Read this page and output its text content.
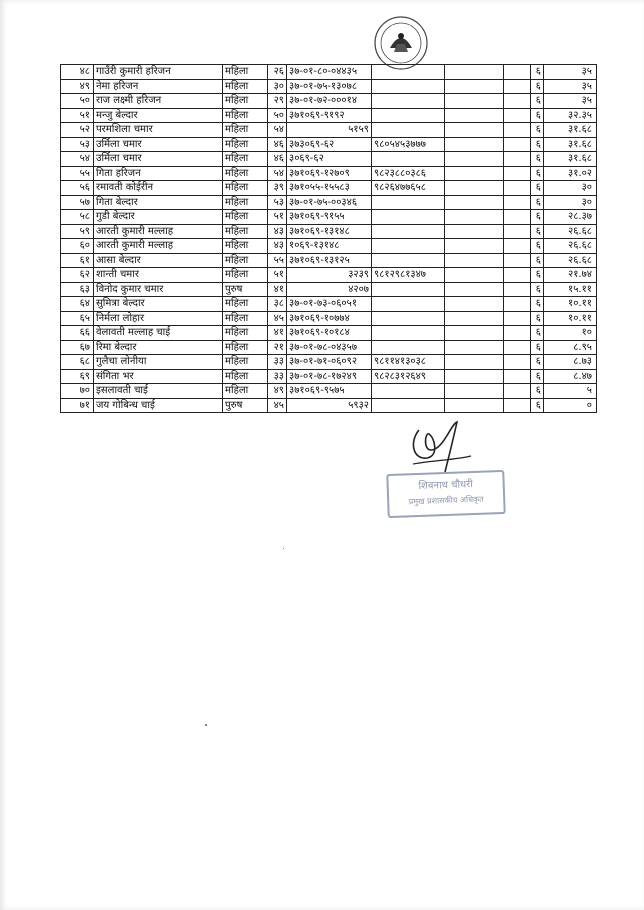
४८	गाउँरी कुमारी हरिजन	महिला	२६	३७-०१-८०-०४४३५				६	३५
४९	नेमा हरिजन	महिला	३०	३७-०१-७५-१३०७८				६	३५
५०	राज लक्ष्मी हरिजन	महिला	२९	३७-०१-७२-०००१४				६	३५
५१	मन्जु बेल्दार	महिला	५०	३७१०६९-९१९२				६	३२.३५
५२	परमशिला चमार	महिला	५४	५१५९				६	३१.६८
५३	उर्मिला चमार	महिला	४६	३७३०६९-६२	९८०५४५३७७७			६	३१.६८
५४	उर्मिला चमार	महिला	४६	३०६९-६२				६	३१.६८
५५	गिता हरिजन	महिला	५४	३७१०६९-१२७०९	९८२३८८०३८६			६	३१.०२
५६	रमावती कोईरीन	महिला	३९	३७१०५५-१५५८३	९८२६४७७६५८			६	३०
५७	गिता बेल्दार	महिला	५३	३७-०१-७५-००३४६				६	३०
५८	गुडी बेल्दार	महिला	५१	३७१०६९-९१५५				६	२८.३७
५९	आरती कुमारी मल्लाह	महिला	४३	३७१०६९-१३१४८				६	२६.६८
६०	आरती कुमारी मल्लाह	महिला	४३	१०६९-१३१४८				६	२६.६८
६१	आसा बेल्दार	महिला	५५	३७१०६९-१३१२५				६	२६.६८
६२	शान्ती चमार	महिला	५१	३२३९	९८१२९८१३४७			६	२१.७४
६३	विनोद कुमार चमार	पुरुष	४१	४२०७				६	१५.११
६४	सुमित्रा बेल्दार	महिला	३८	३७-०१-७३-०६०५१				६	१०.११
६५	निर्मला लोहार	महिला	४५	३७१०६९-१०७७४				६	१०.११
६६	वेलावती मल्लाह चाई	महिला	४१	३७१०६९-१०१८४				६	१०
६७	रिमा बेल्दार	महिला	२१	३७-०१-७८-०४३५७				६	८.९५
६८	गुलैचा लोनीया	महिला	३३	३७-०१-७१-०६०९२	९८११४१३०३८			६	८.७३
६९	संगिता भर	महिला	३३	३७-०१-७८-१७२४९	९८२८३१२६४९			६	८.४७
७०	इसलावती चाई	महिला	४९	३७१०६९-९५७५				६	५
७१	जय गोबिन्ध चाई	पुरुष	४५	५९३२				६	०
शिवनाथ चौधरी
प्रमुख प्रशासकीय अधिकृत
